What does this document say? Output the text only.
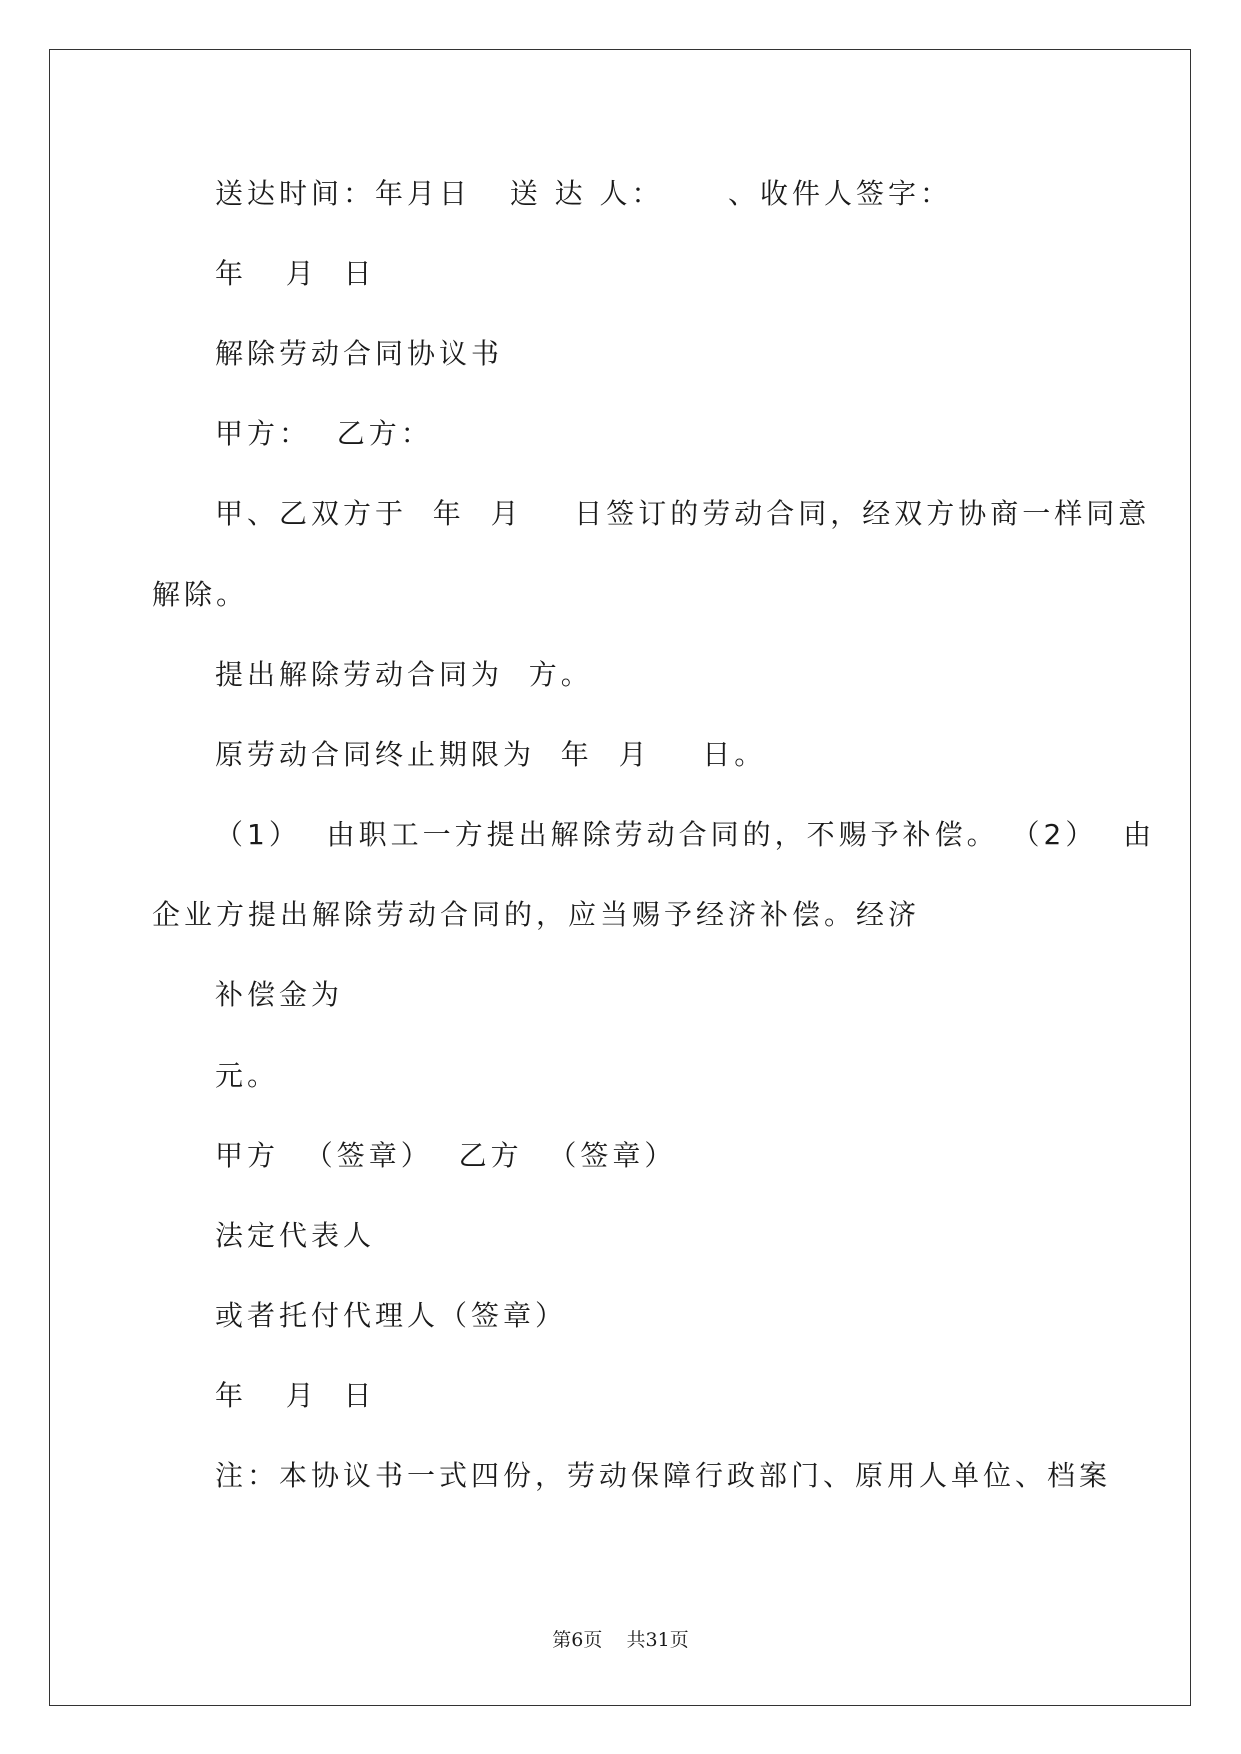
送达时间：年月日   送 达 人：     、收件人签字：
年   月  日
解除劳动合同协议书
甲方：  乙方：
甲、乙双方于  年  月    日签订的劳动合同，经双方协商一样同意
解除。
提出解除劳动合同为  方。
原劳动合同终止期限为  年  月    日。
（1）  由职工一方提出解除劳动合同的，不赐予补偿。 （2）  由
企业方提出解除劳动合同的，应当赐予经济补偿。经济
补偿金为
元。
甲方  （签章）  乙方  （签章）
法定代表人
或者托付代理人（签章）
年   月  日
注：本协议书一式四份，劳动保障行政部门、原用人单位、档案
第6页    共31页
